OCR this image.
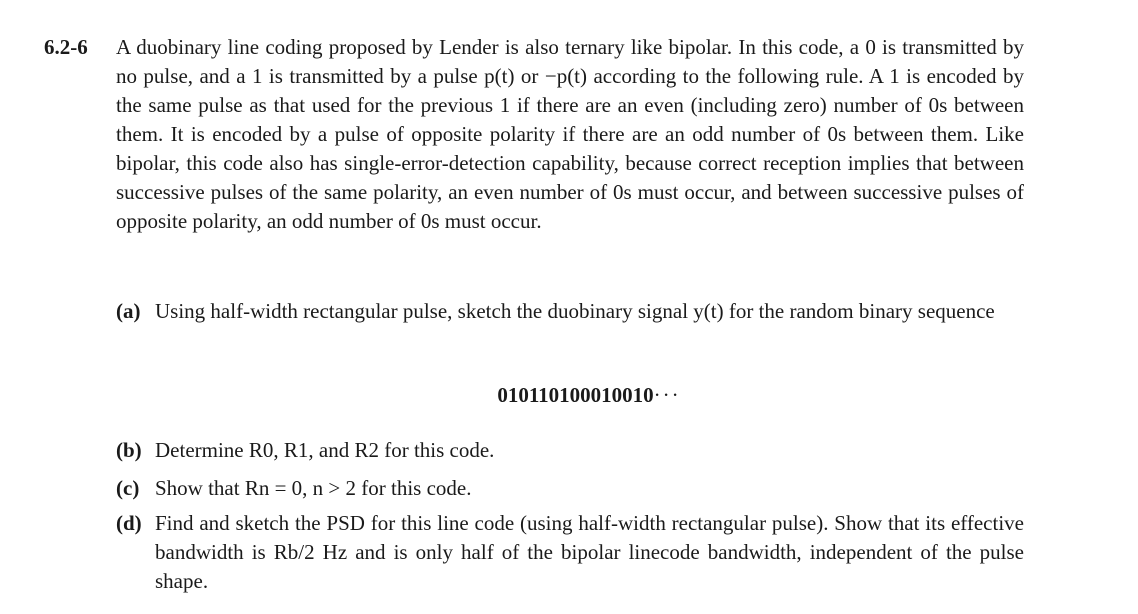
6.2-6 A duobinary line coding proposed by Lender is also ternary like bipolar. In this code, a 0 is transmitted by no pulse, and a 1 is transmitted by a pulse p(t) or −p(t) according to the following rule. A 1 is encoded by the same pulse as that used for the previous 1 if there are an even (including zero) number of 0s between them. It is encoded by a pulse of opposite polarity if there are an odd number of 0s between them. Like bipolar, this code also has single-error-detection capability, because correct reception implies that between successive pulses of the same polarity, an even number of 0s must occur, and between successive pulses of opposite polarity, an odd number of 0s must occur.
(a) Using half-width rectangular pulse, sketch the duobinary signal y(t) for the random binary sequence
010110100010010···
(b) Determine R0, R1, and R2 for this code.
(c) Show that Rn = 0, n > 2 for this code.
(d) Find and sketch the PSD for this line code (using half-width rectangular pulse). Show that its effective bandwidth is Rb/2 Hz and is only half of the bipolar linecode bandwidth, independent of the pulse shape.
